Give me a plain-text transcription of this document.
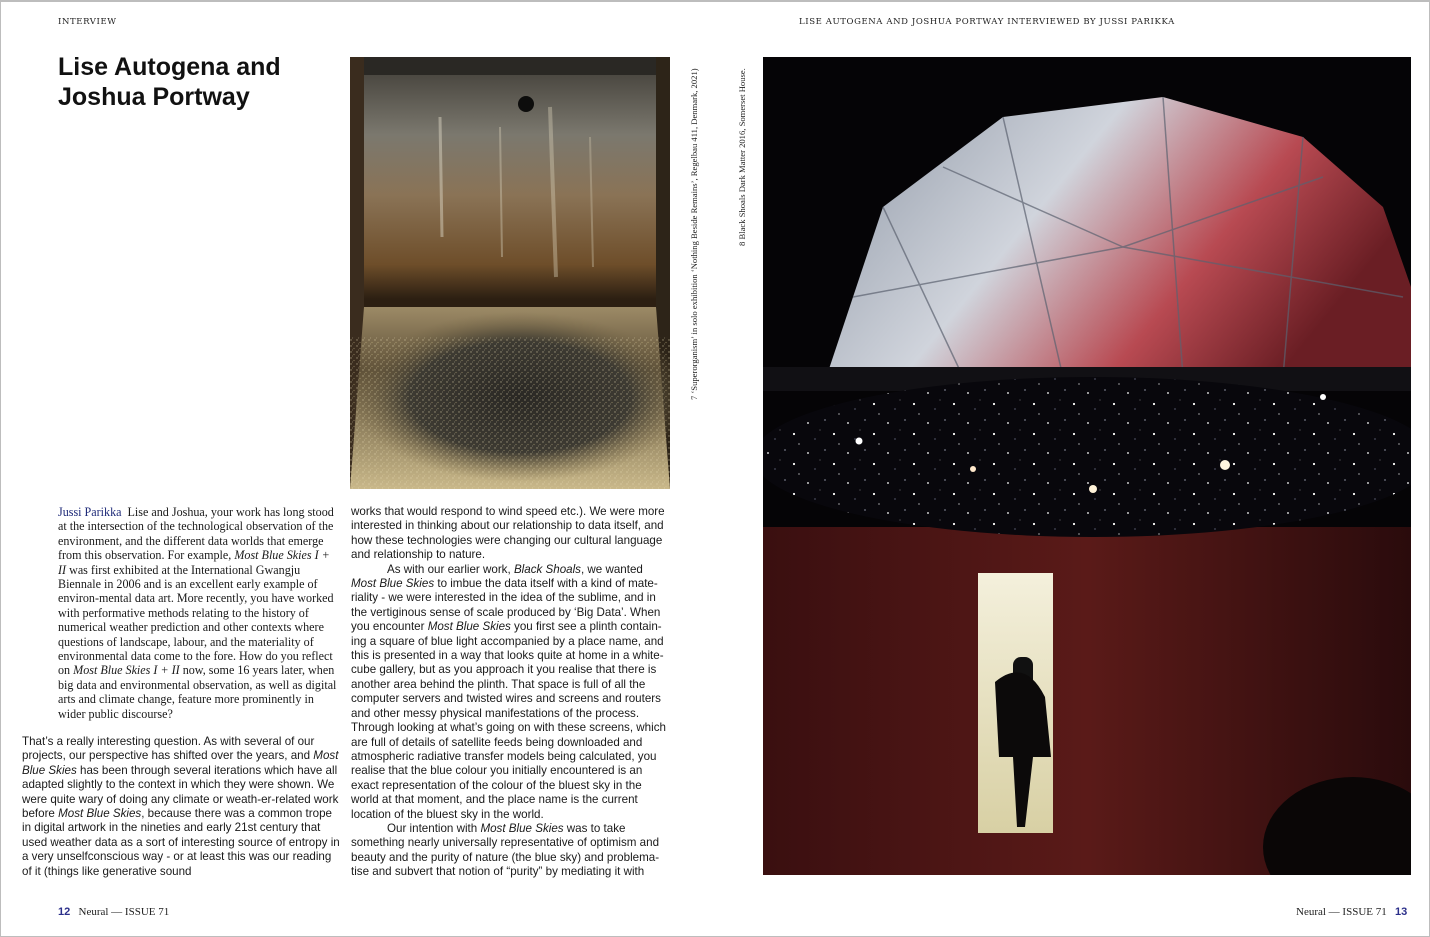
INTERVIEW	LISE AUTOGENA AND JOSHUA PORTWAY INTERVIEWED BY JUSSI PARIKKA
Lise Autogena and
Joshua Portway
Jussi Parikka Lise and Joshua, your work has long stood at the intersection of the technological observation of the environment, and the different data worlds that emerge from this observation. For example, Most Blue Skies I + II was first exhibited at the International Gwangju Biennale in 2006 and is an excellent early example of environ-mental data art. More recently, you have worked with performative methods relating to the history of numerical weather prediction and other contexts where questions of landscape, labour, and the materiality of environmental data come to the fore. How do you reflect on Most Blue Skies I + II now, some 16 years later, when big data and environmental observation, as well as digital arts and climate change, feature more prominently in wider public discourse?

That’s a really interesting question. As with several of our projects, our perspective has shifted over the years, and Most Blue Skies has been through several iterations which have all adapted slightly to the context in which they were shown. We were quite wary of doing any climate or weath-er-related work before Most Blue Skies, because there was a common trope in digital artwork in the nineties and early 21st century that used weather data as a sort of interesting source of entropy in a very unselfconscious way - or at least this was our reading of it (things like generative sound

works that would respond to wind speed etc.). We were more interested in thinking about our relationship to data itself, and how these technologies were changing our cultural language and relationship to nature.

As with our earlier work, Black Shoals, we wanted Most Blue Skies to imbue the data itself with a kind of mate-riality - we were interested in the idea of the sublime, and in the vertiginous sense of scale produced by ‘Big Data’. When you encounter Most Blue Skies you first see a plinth contain-ing a square of blue light accompanied by a place name, and this is presented in a way that looks quite at home in a white-cube gallery, but as you approach it you realise that there is another area behind the plinth. That space is full of all the computer servers and twisted wires and screens and routers and other messy physical manifestations of the process. Through looking at what’s going on with these screens, which are full of details of satellite feeds being downloaded and atmospheric radiative transfer models being calculated, you realise that the blue colour you initially encountered is an exact representation of the colour of the bluest sky in the world at that moment, and the place name is the current location of the bluest sky in the world.

Our intention with Most Blue Skies was to take something nearly universally representative of optimism and beauty and the purity of nature (the blue sky) and problema-tise and subvert that notion of “purity” by mediating it with

7 ‘Superorganism’ in solo exhibition ‘Nothing Beside Remains’, Regelbau 411, Denmark, 2021)	8 Black Shoals Dark Matter 2016, Somerset House.
12 Neural — ISSUE 71	Neural — ISSUE 71 13
